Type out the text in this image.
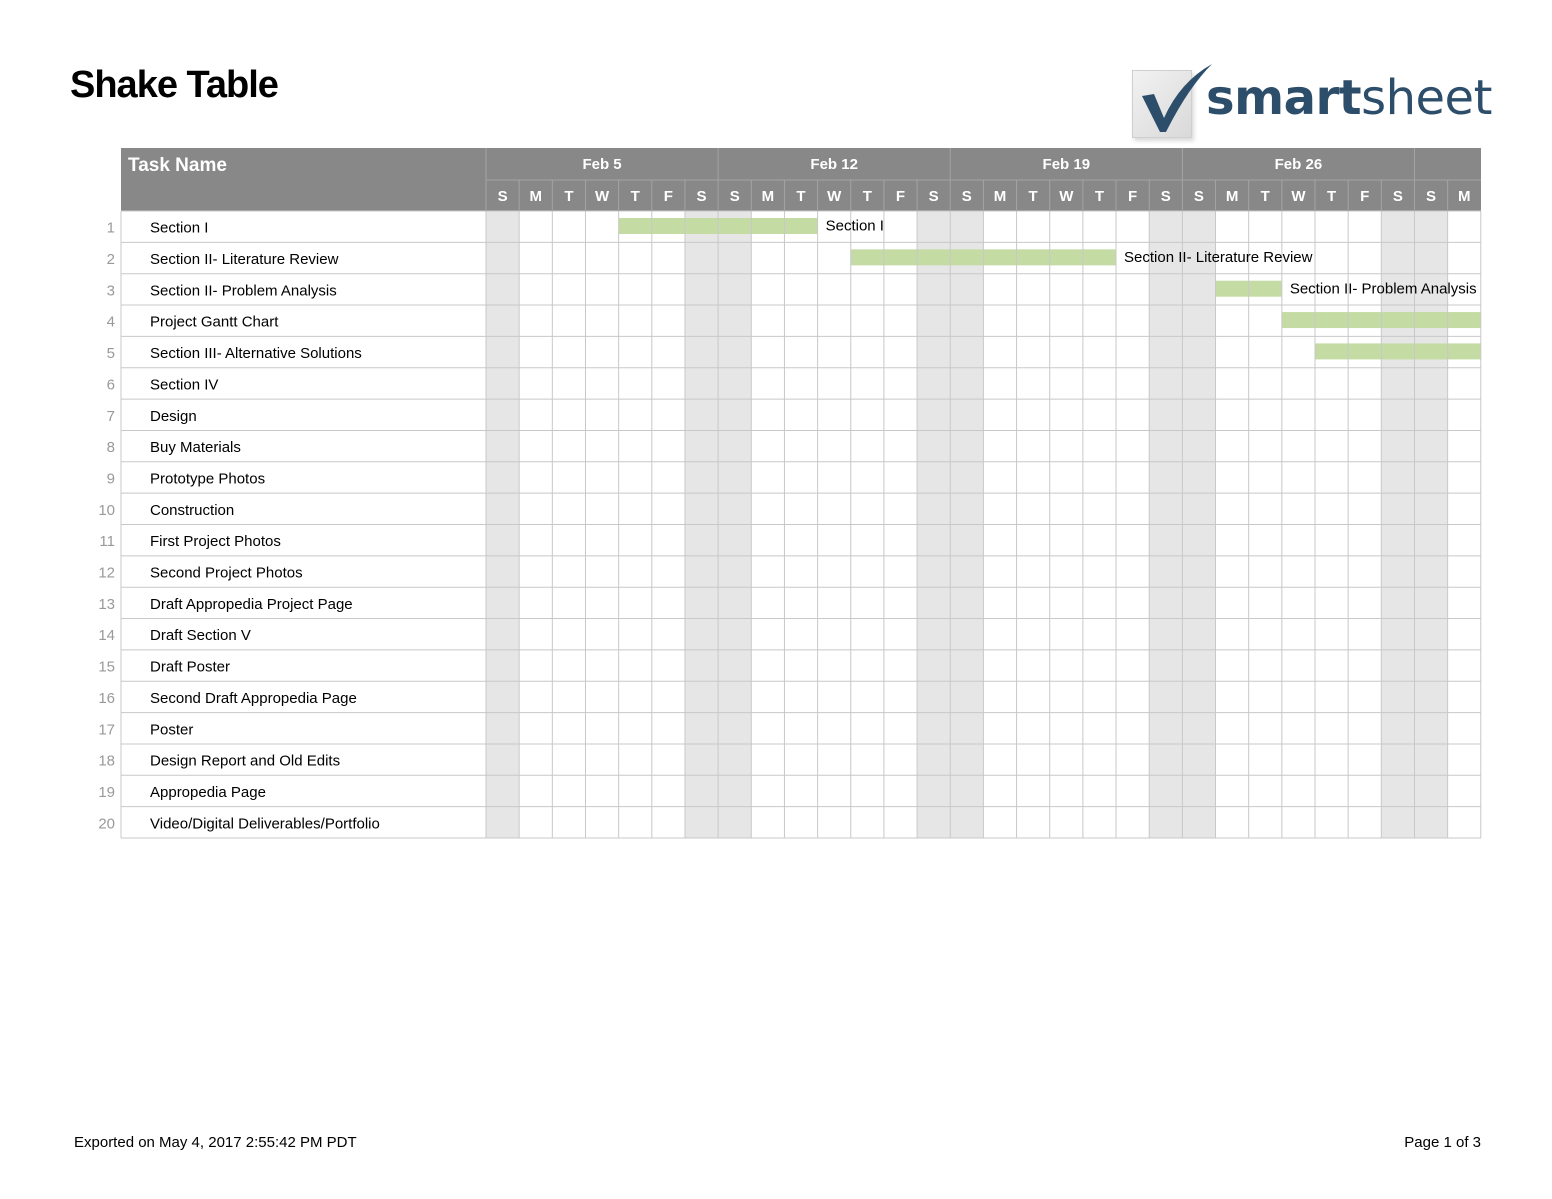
Shake Table	smartsheet
Task Name	Feb 5	Feb 12	Feb 19	Feb 26
S M T W T F S S M T W T F S S M T W T F S S M T W T F S S M
1 Section I	Section I
2 Section II- Literature Review	Section II- Literature Review
3 Section II- Problem Analysis	Section II- Problem Analysis
4 Project Gantt Chart
5 Section III- Alternative Solutions
6 Section IV
7 Design
8 Buy Materials
9 Prototype Photos
10 Construction
11 First Project Photos
12 Second Project Photos
13 Draft Appropedia Project Page
14 Draft Section V
15 Draft Poster
16 Second Draft Appropedia Page
17 Poster
18 Design Report and Old Edits
19 Appropedia Page
20 Video/Digital Deliverables/Portfolio
Exported on May 4, 2017 2:55:42 PM PDT	Page 1 of 3
